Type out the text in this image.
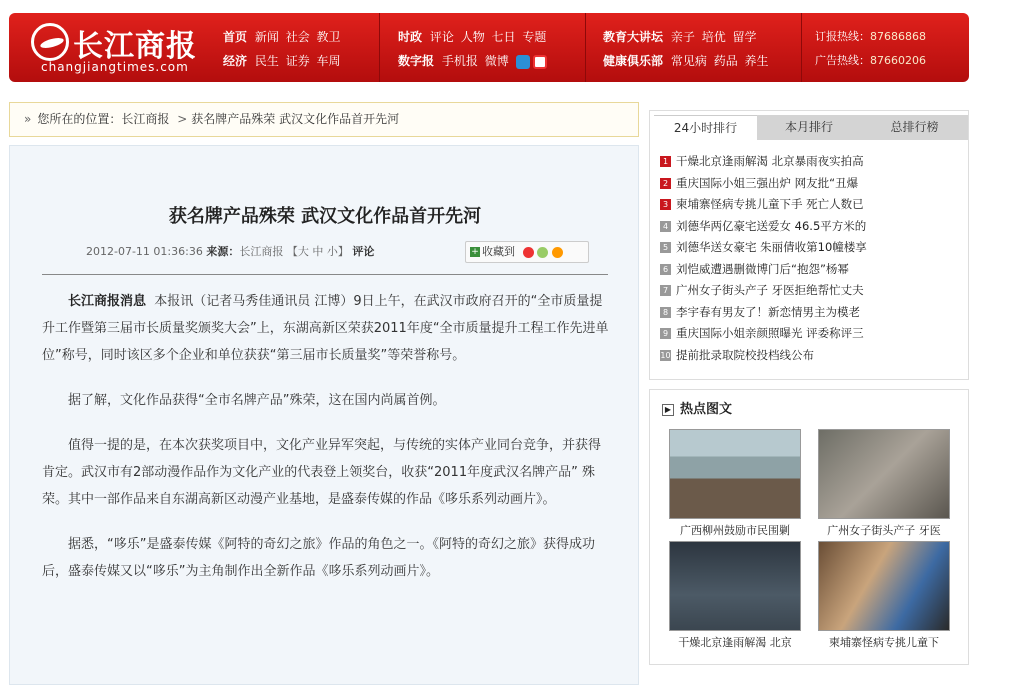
长江商报
changjiangtimes.com
首页 新闻 社会 教卫
经济 民生 证券 车周
时政 评论 人物 七日 专题
数字报 手机报 微博
教育大讲坛 亲子 培优 留学
健康俱乐部 常见病 药品 养生
订报热线：87686868
广告热线：87660206
» 您所在的位置：长江商报 > 获名牌产品殊荣 武汉文化作品首开先河
获名牌产品殊荣 武汉文化作品首开先河
2012-07-11 01:36:36 来源：长江商报 【大 中 小】 评论	+ 收藏到

长江商报消息 本报讯（记者马秀佳通讯员 江博）9日上午，在武汉市政府召开的“全市质量提升工作暨第三届市长质量奖颁奖大会”上，东湖高新区荣获2011年度“全市质量提升工程工作先进单位”称号，同时该区多个企业和单位获获“第三届市长质量奖”等荣誉称号。

据了解，文化作品获得“全市名牌产品”殊荣，这在国内尚属首例。

值得一提的是，在本次获奖项目中，文化产业异军突起，与传统的实体产业同台竞争，并获得肯定。武汉市有2部动漫作品作为文化产业的代表登上领奖台，收获“2011年度武汉名牌产品” 殊荣。其中一部作品来自东湖高新区动漫产业基地，是盛泰传媒的作品《哆乐系列动画片》。

据悉，“哆乐”是盛泰传媒《阿特的奇幻之旅》作品的角色之一。《阿特的奇幻之旅》获得成功后，盛泰传媒又以“哆乐”为主角制作出全新作品《哆乐系列动画片》。

24小时排行	本月排行	总排行榜
1 干燥北京逢雨解渴 北京暴雨夜实拍高
2 重庆国际小姐三强出炉 网友批“丑爆
3 柬埔寨怪病专挑儿童下手 死亡人数已
4 刘德华两亿豪宅送爱女 46.5平方米的
5 刘德华送女豪宅 朱丽倩收第10幢楼享
6 刘恺威遭遇删微博门后“抱怨”杨幂
7 广州女子街头产子 牙医拒绝帮忙丈夫
8 李宇春有男友了！新恋情男主为模老
9 重庆国际小姐亲颜照曝光 评委称评三
10 提前批录取院校投档线公布
▶ 热点图文
广西柳州鼓励市民围剿	广州女子街头产子 牙医
干燥北京逢雨解渴 北京	柬埔寨怪病专挑儿童下
